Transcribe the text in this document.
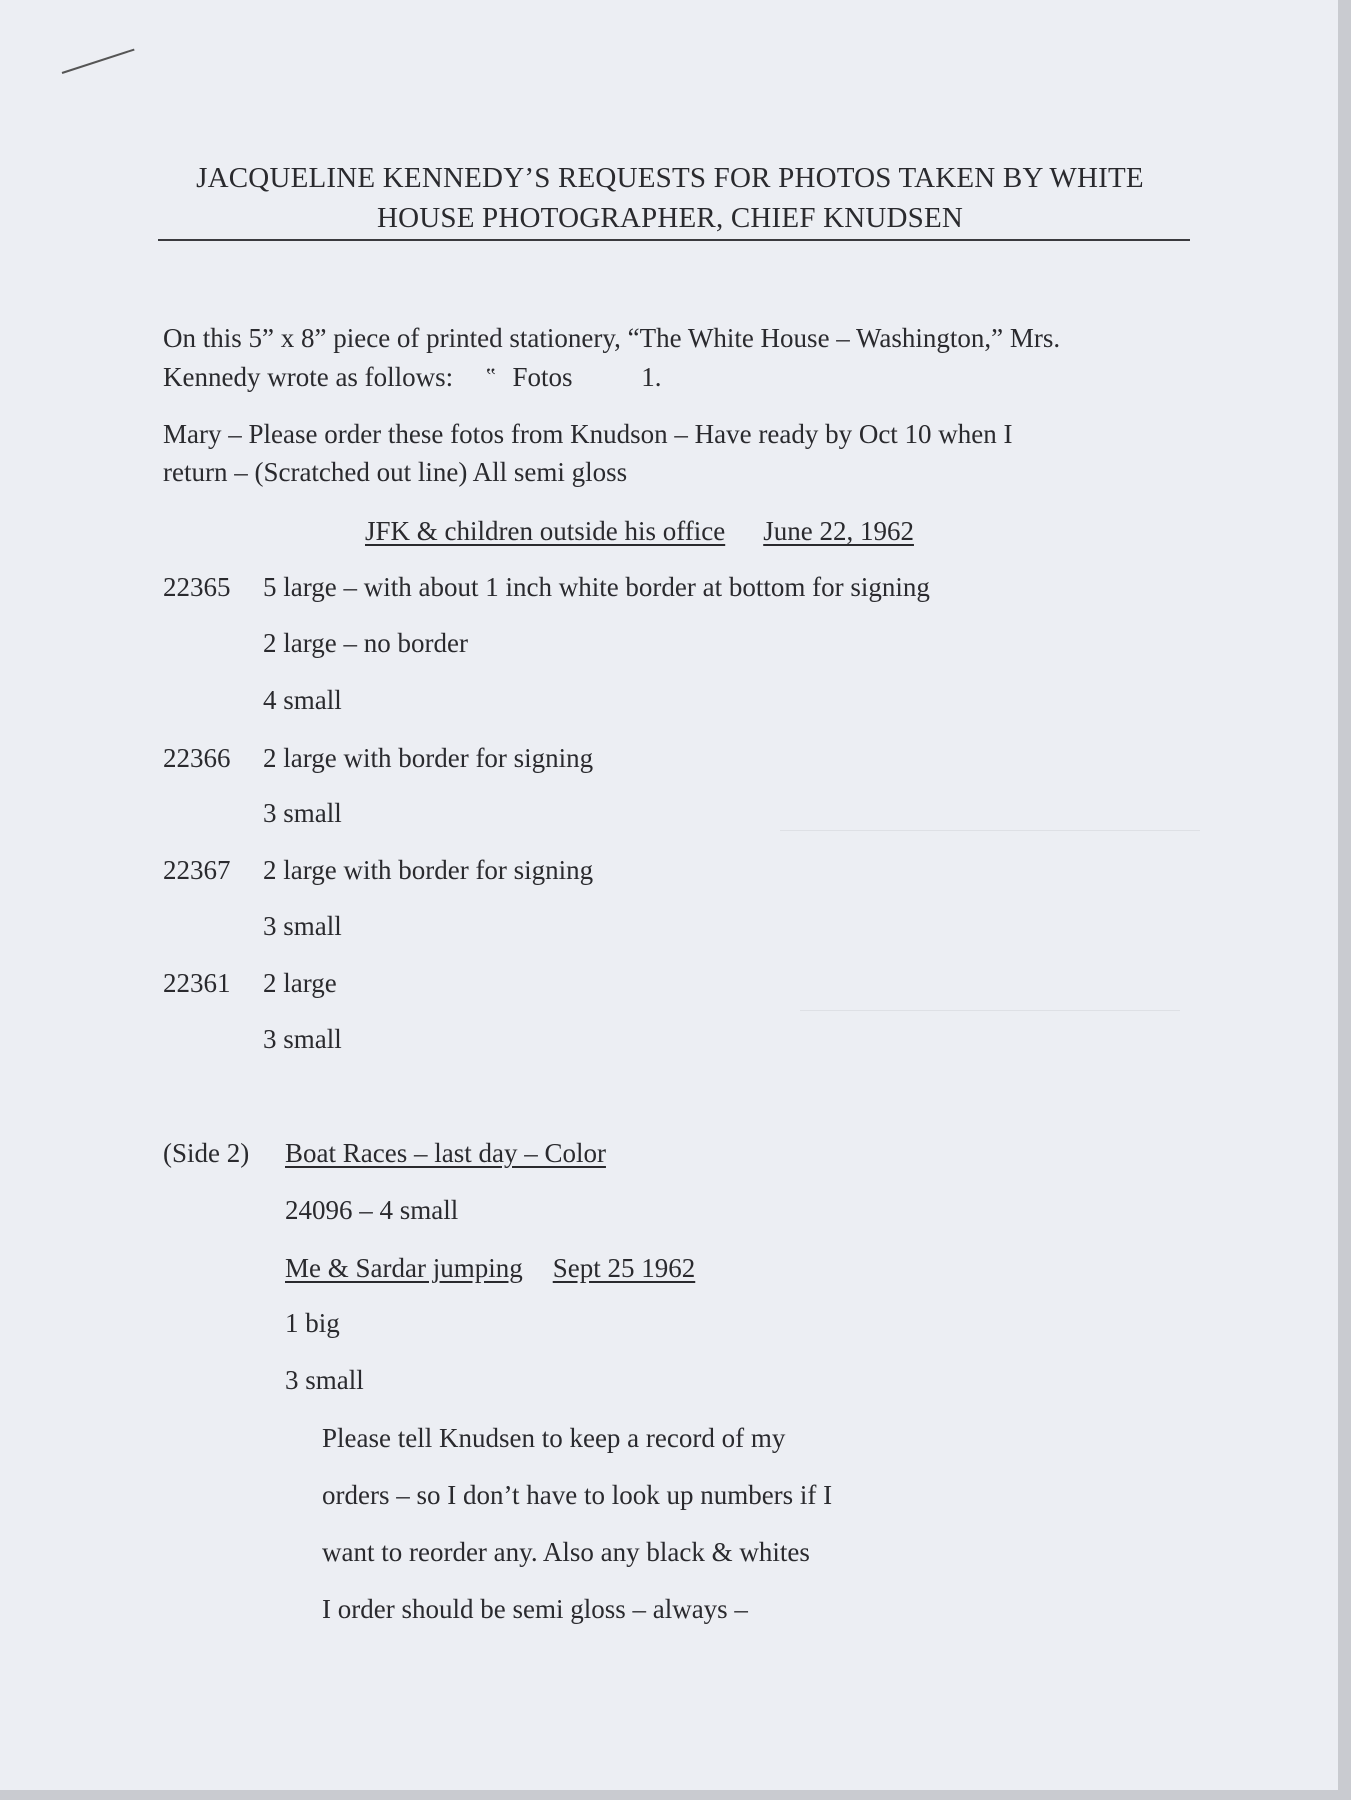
JACQUELINE KENNEDY’S REQUESTS FOR PHOTOS TAKEN BY WHITE
HOUSE PHOTOGRAPHER, CHIEF KNUDSEN
On this 5” x 8” piece of printed stationery, “The White House – Washington,” Mrs.
Kennedy wrote as follows: ‟ Fotos	1.
Mary – Please order these fotos from Knudson – Have ready by Oct 10 when I
return – (Scratched out line) All semi gloss
JFK & children outside his office June 22, 1962
22365 5 large – with about 1 inch white border at bottom for signing
2 large – no border
4 small
22366 2 large with border for signing
3 small
22367 2 large with border for signing
3 small
22361 2 large
3 small
(Side 2) Boat Races – last day – Color
24096 – 4 small
Me & Sardar jumping Sept 25 1962
1 big
3 small
Please tell Knudsen to keep a record of my
orders – so I don’t have to look up numbers if I
want to reorder any. Also any black & whites
I order should be semi gloss – always –
